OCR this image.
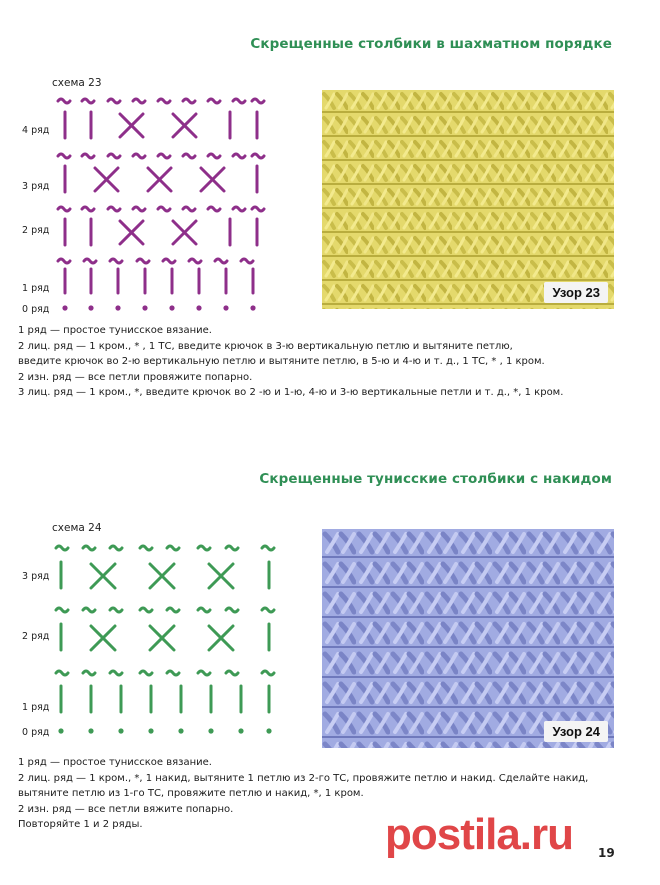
Скрещенные столбики в шахматном порядке
схема 23
4 ряд
3 ряд
2 ряд
1 ряд
0 ряд
Узор 23
1 ряд — простое тунисское вязание.
2 лиц. ряд — 1 кром., * , 1 ТС, введите крючок в 3-ю вертикальную петлю и вытяните петлю,
введите крючок во 2-ю вертикальную петлю и вытяните петлю, в 5-ю и 4-ю и т. д., 1 ТС, * , 1 кром.
2 изн. ряд — все петли провяжите попарно.
3 лиц. ряд — 1 кром., *, введите крючок во 2 -ю и 1-ю, 4-ю и 3-ю вертикальные петли и т. д., *, 1 кром.
Скрещенные тунисские столбики с накидом
схема 24
3 ряд
2 ряд
1 ряд
0 ряд	Узор 24
1 ряд — простое тунисское вязание.
2 лиц. ряд — 1 кром., *, 1 накид, вытяните 1 петлю из 2-го ТС, провяжите петлю и накид. Сделайте накид,
вытяните петлю из 1-го ТС, провяжите петлю и накид, *, 1 кром.
2 изн. ряд — все петли вяжите попарно.
Повторяйте 1 и 2 ряды.	postila.ru 19
